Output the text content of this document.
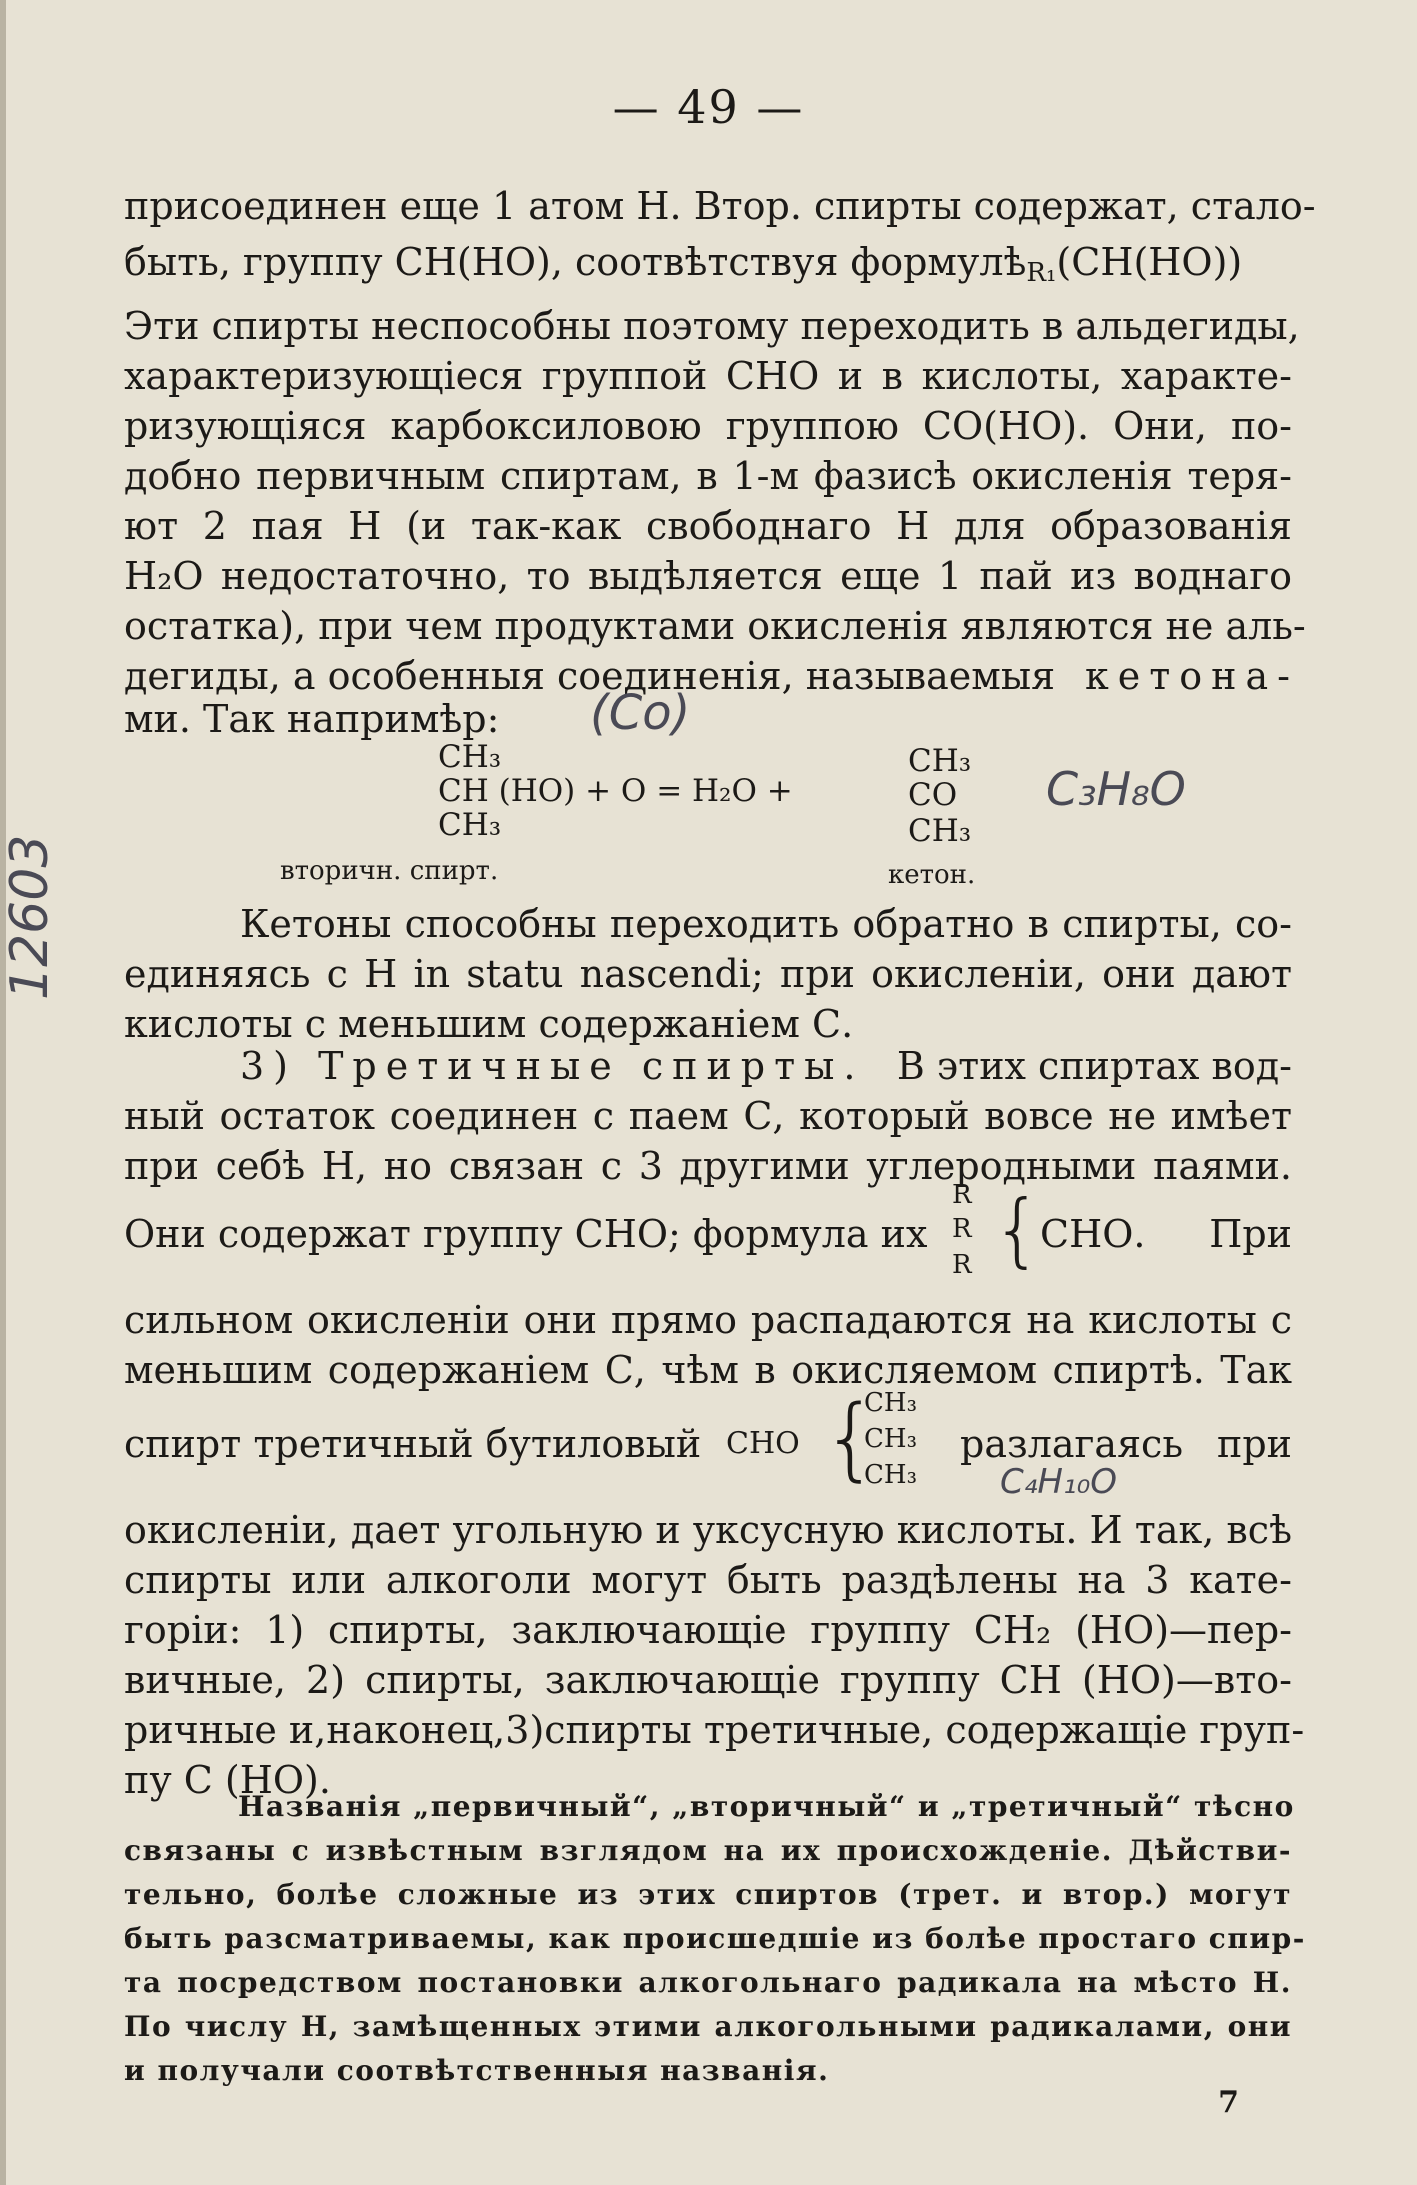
— 49 —
присоединен еще 1 атом Н. Втор. спирты содержат, стало-
быть, группу СН(НО), соотвѣтствуя формулѣR₁(СН(НО))
Эти спирты неспособны поэтому переходить в альдегиды,
характеризующіеся группой СНО и в кислоты, характе-
ризующіяся карбоксиловою группою СО(НО). Они, по-
добно первичным спиртам, в 1-м фазисѣ окисленія теря-
ют 2 пая Н (и так-как свободнаго Н для образованія
Н₂О недостаточно, то выдѣляется еще 1 пай из воднаго
остатка), при чем продуктами окисленія являются не аль-
дегиды, а особенныя соединенія, называемыя кетона-
ми. Так напримѣр:	(Со)
СН₃
СН (НО) + О = Н₂О +
СН₃
СН₃
СО
СН₃
вторичн. спирт.	кетон.
С₃Н₈О
12603	Кетоны способны переходить обратно в спирты, со-
единяясь с Н in statu nascendi; при окисленіи, они дают
кислоты с меньшим содержаніем С.
3) Третичные спирты. В этих спиртах вод-
ный остаток соединен с паем С, который вовсе не имѣет
при себѣ Н, но связан с 3 другими углеродными паями.
Они содержат группу СНО; формула их
R
R
R {
СНО.	При
сильном окисленіи они прямо распадаются на кислоты с
меньшим содержаніем С, чѣм в окисляемом спиртѣ. Так
спирт третичный бутиловый СНО {
СН₃
СН₃
СН₃
разлагаясь при
С₄Н₁₀О
окисленіи, дает угольную и уксусную кислоты. И так, всѣ
спирты или алкоголи могут быть раздѣлены на 3 кате-
горіи: 1) спирты, заключающіе группу СН₂ (НО)—пер-
вичные, 2) спирты, заключающіе группу СН (НО)—вто-
ричные и,наконец,3)спирты третичные, содержащіе груп-
пу С (НО).
Названія „первичный“, „вторичный“ и „третичный“ тѣсно
связаны с извѣстным взглядом на их происхожденіе. Дѣйстви-
тельно, болѣе сложные из этих спиртов (трет. и втор.) могут
быть разсматриваемы, как происшедшіе из болѣе простаго спир-
та посредством постановки алкогольнаго радикала на мѣсто Н.
По числу Н, замѣщенных этими алкогольными радикалами, они
и получали соотвѣтственныя названія.
7
